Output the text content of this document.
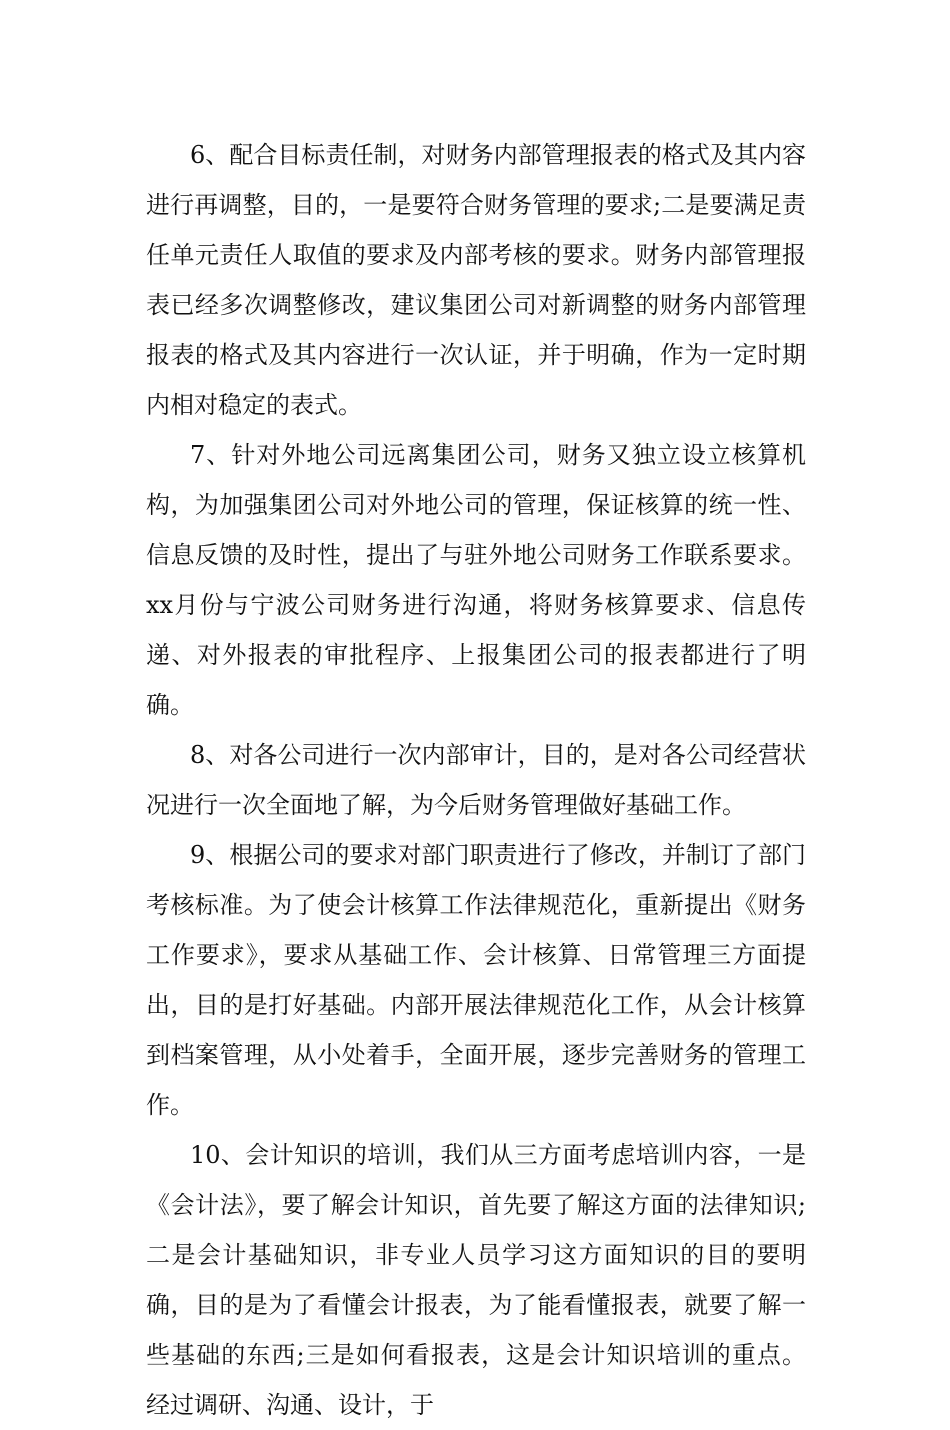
6、配合目标责任制，对财务内部管理报表的格式及其内容进行再调整，目的，一是要符合财务管理的要求;二是要满足责任单元责任人取值的要求及内部考核的要求。财务内部管理报表已经多次调整修改，建议集团公司对新调整的财务内部管理报表的格式及其内容进行一次认证，并于明确，作为一定时期内相对稳定的表式。

7、针对外地公司远离集团公司，财务又独立设立核算机构，为加强集团公司对外地公司的管理，保证核算的统一性、信息反馈的及时性，提出了与驻外地公司财务工作联系要求。xx月份与宁波公司财务进行沟通，将财务核算要求、信息传递、对外报表的审批程序、上报集团公司的报表都进行了明确。

8、对各公司进行一次内部审计，目的，是对各公司经营状况进行一次全面地了解，为今后财务管理做好基础工作。

9、根据公司的要求对部门职责进行了修改，并制订了部门考核标准。为了使会计核算工作法律规范化，重新提出《财务工作要求》，要求从基础工作、会计核算、日常管理三方面提出，目的是打好基础。内部开展法律规范化工作，从会计核算到档案管理，从小处着手，全面开展，逐步完善财务的管理工作。

10、会计知识的培训，我们从三方面考虑培训内容，一是《会计法》，要了解会计知识，首先要了解这方面的法律知识;二是会计基础知识，非专业人员学习这方面知识的目的要明确，目的是为了看懂会计报表，为了能看懂报表，就要了解一些基础的东西;三是如何看报表，这是会计知识培训的重点。 经过调研、沟通、设计，于
